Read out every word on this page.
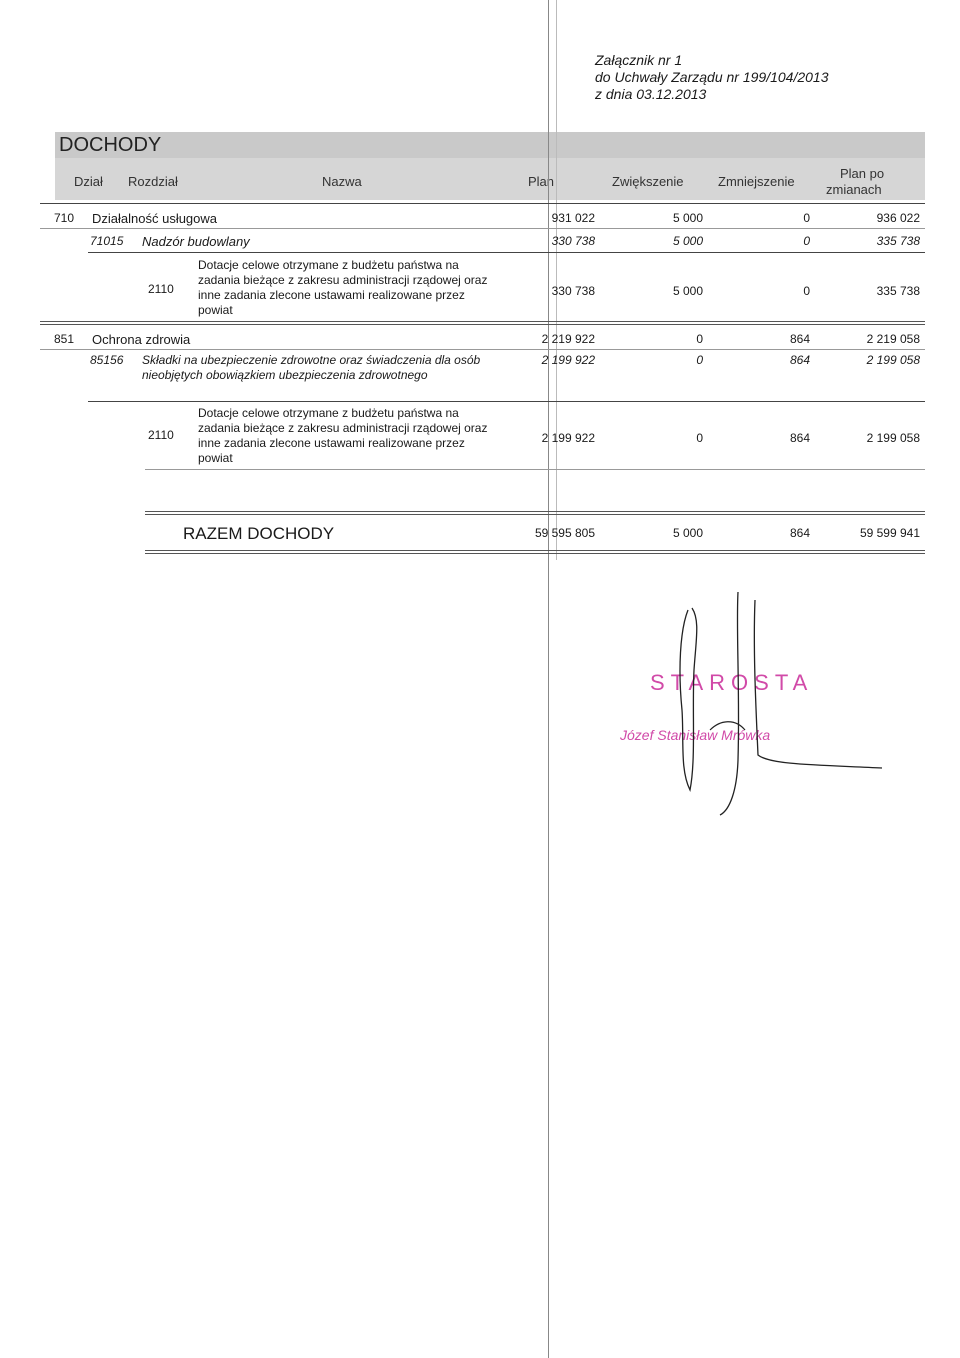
Załącznik nr 1
do Uchwały Zarządu nr 199/104/2013
z dnia 03.12.2013
DOCHODY
Dział Rozdział	Nazwa	Plan	Zwiększenie	Zmniejszenie
Plan po
zmianach
710 Działalność usługowa	931 022	5 000	0	936 022
71015 Nadzór budowlany	330 738	5 000	0	335 738
2110
Dotacje celowe otrzymane z budżetu państwa na zadania bieżące z zakresu administracji rządowej oraz inne zadania zlecone ustawami realizowane przez powiat
330 738	5 000	0	335 738
851 Ochrona zdrowia	2 219 922	0	864	2 219 058
85156 Składki na ubezpieczenie zdrowotne oraz świadczenia dla osób nieobjętych obowiązkiem ubezpieczenia zdrowotnego
2 199 922	0	864	2 199 058
2110
Dotacje celowe otrzymane z budżetu państwa na zadania bieżące z zakresu administracji rządowej oraz inne zadania zlecone ustawami realizowane przez powiat
2 199 922	0	864	2 199 058
RAZEM DOCHODY	59 595 805	5 000	864	59 599 941
STAROSTA
Józef Stanisław Mrówka
